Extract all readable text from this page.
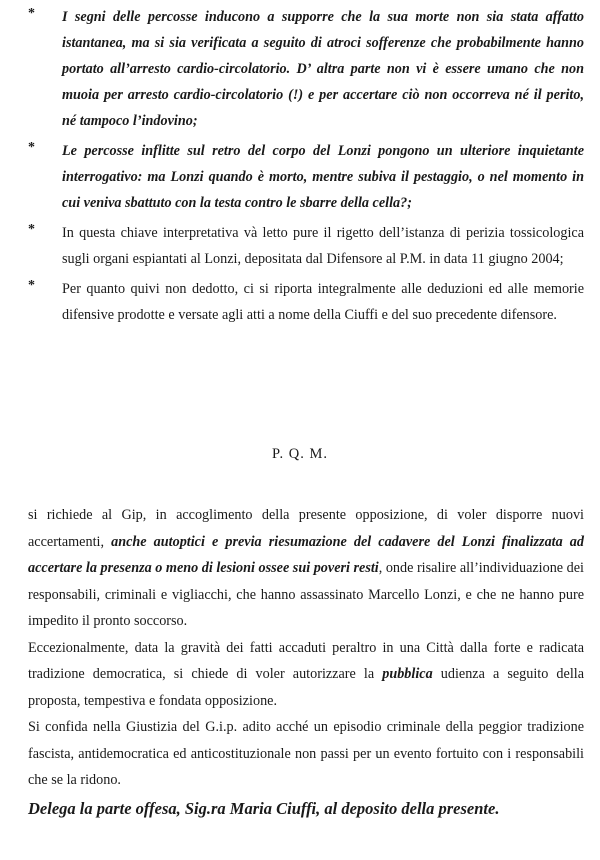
* I segni delle percosse inducono a supporre che la sua morte non sia stata affatto istantanea, ma si sia verificata a seguito di atroci sofferenze che probabilmente hanno portato all’arresto cardio-circolatorio. D’ altra parte non vi è essere umano che non muoia per arresto cardio-circolatorio (!) e per accertare ciò non occorreva né il perito, né tampoco l’indovino;
* Le percosse inflitte sul retro del corpo del Lonzi pongono un ulteriore inquietante interrogativo: ma Lonzi quando è morto, mentre subiva il pestaggio, o nel momento in cui veniva sbattuto con la testa contro le sbarre della cella?;
* In questa chiave interpretativa và letto pure il rigetto dell’istanza di perizia tossicologica sugli organi espiantati al Lonzi, depositata dal Difensore al P.M. in data 11 giugno 2004;
* Per quanto quivi non dedotto, ci si riporta integralmente alle deduzioni ed alle memorie difensive prodotte e versate agli atti a nome della Ciuffi e del suo precedente difensore.
P. Q. M.

si richiede al Gip, in accoglimento della presente opposizione, di voler disporre nuovi accertamenti, anche autoptici e previa riesumazione del cadavere del Lonzi finalizzata ad accertare la presenza o meno di lesioni ossee sui poveri resti, onde risalire all’individuazione dei responsabili, criminali e vigliacchi, che hanno assassinato Marcello Lonzi, e che ne hanno pure impedito il pronto soccorso.

Eccezionalmente, data la gravità dei fatti accaduti peraltro in una Città dalla forte e radicata tradizione democratica, si chiede di voler autorizzare la pubblica udienza a seguito della proposta, tempestiva e fondata opposizione.

Si confida nella Giustizia del G.i.p. adito acché un episodio criminale della peggior tradizione fascista, antidemocratica ed anticostituzionale non passi per un evento fortuito con i responsabili che se la ridono.

Delega la parte offesa, Sig.ra Maria Ciuffi, al deposito della presente.
